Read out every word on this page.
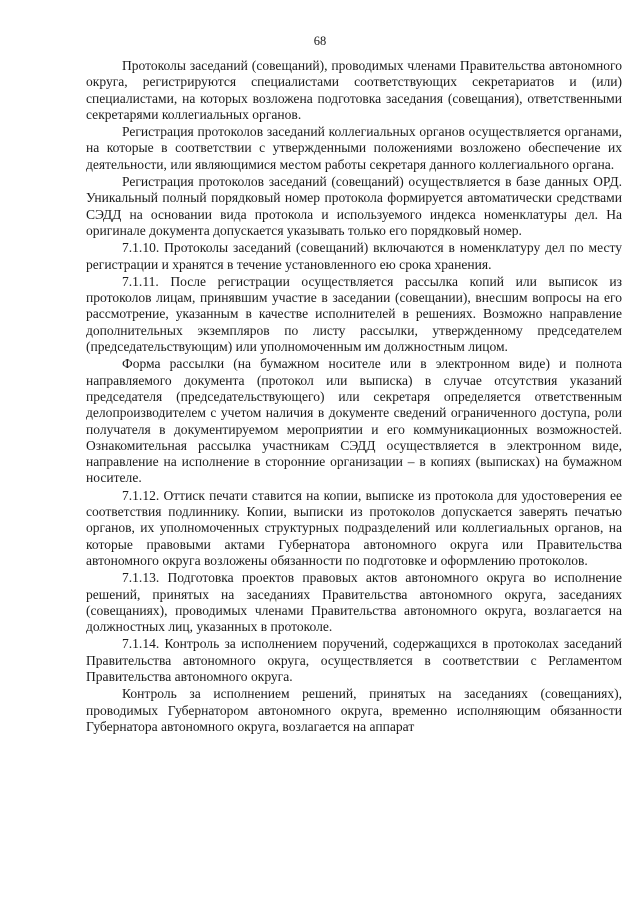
68

Протоколы заседаний (совещаний), проводимых членами Правительства автономного округа, регистрируются специалистами соответствующих секретариатов и (или) специалистами, на которых возложена подготовка заседания (совещания), ответственными секретарями коллегиальных органов.

Регистрация протоколов заседаний коллегиальных органов осуществляется органами, на которые в соответствии с утвержденными положениями возложено обеспечение их деятельности, или являющимися местом работы секретаря данного коллегиального органа.

Регистрация протоколов заседаний (совещаний) осуществляется в базе данных ОРД. Уникальный полный порядковый номер протокола формируется автоматически средствами СЭДД на основании вида протокола и используемого индекса номенклатуры дел. На оригинале документа допускается указывать только его порядковый номер.

7.1.10. Протоколы заседаний (совещаний) включаются в номенклатуру дел по месту регистрации и хранятся в течение установленного ею срока хранения.

7.1.11. После регистрации осуществляется рассылка копий или выписок из протоколов лицам, принявшим участие в заседании (совещании), внесшим вопросы на его рассмотрение, указанным в качестве исполнителей в решениях. Возможно направление дополнительных экземпляров по листу рассылки, утвержденному председателем (председательствующим) или уполномоченным им должностным лицом.

Форма рассылки (на бумажном носителе или в электронном виде) и полнота направляемого документа (протокол или выписка) в случае отсутствия указаний председателя (председательствующего) или секретаря определяется ответственным делопроизводителем с учетом наличия в документе сведений ограниченного доступа, роли получателя в документируемом мероприятии и его коммуникационных возможностей. Ознакомительная рассылка участникам СЭДД осуществляется в электронном виде, направление на исполнение в сторонние организации – в копиях (выписках) на бумажном носителе.

7.1.12. Оттиск печати ставится на копии, выписке из протокола для удостоверения ее соответствия подлиннику. Копии, выписки из протоколов допускается заверять печатью органов, их уполномоченных структурных подразделений или коллегиальных органов, на которые правовыми актами Губернатора автономного округа или Правительства автономного округа возложены обязанности по подготовке и оформлению протоколов.

7.1.13. Подготовка проектов правовых актов автономного округа во исполнение решений, принятых на заседаниях Правительства автономного округа, заседаниях (совещаниях), проводимых членами Правительства автономного округа, возлагается на должностных лиц, указанных в протоколе.

7.1.14. Контроль за исполнением поручений, содержащихся в протоколах заседаний Правительства автономного округа, осуществляется в соответствии с Регламентом Правительства автономного округа.

Контроль за исполнением решений, принятых на заседаниях (совещаниях), проводимых Губернатором автономного округа, временно исполняющим обязанности Губернатора автономного округа, возлагается на аппарат
